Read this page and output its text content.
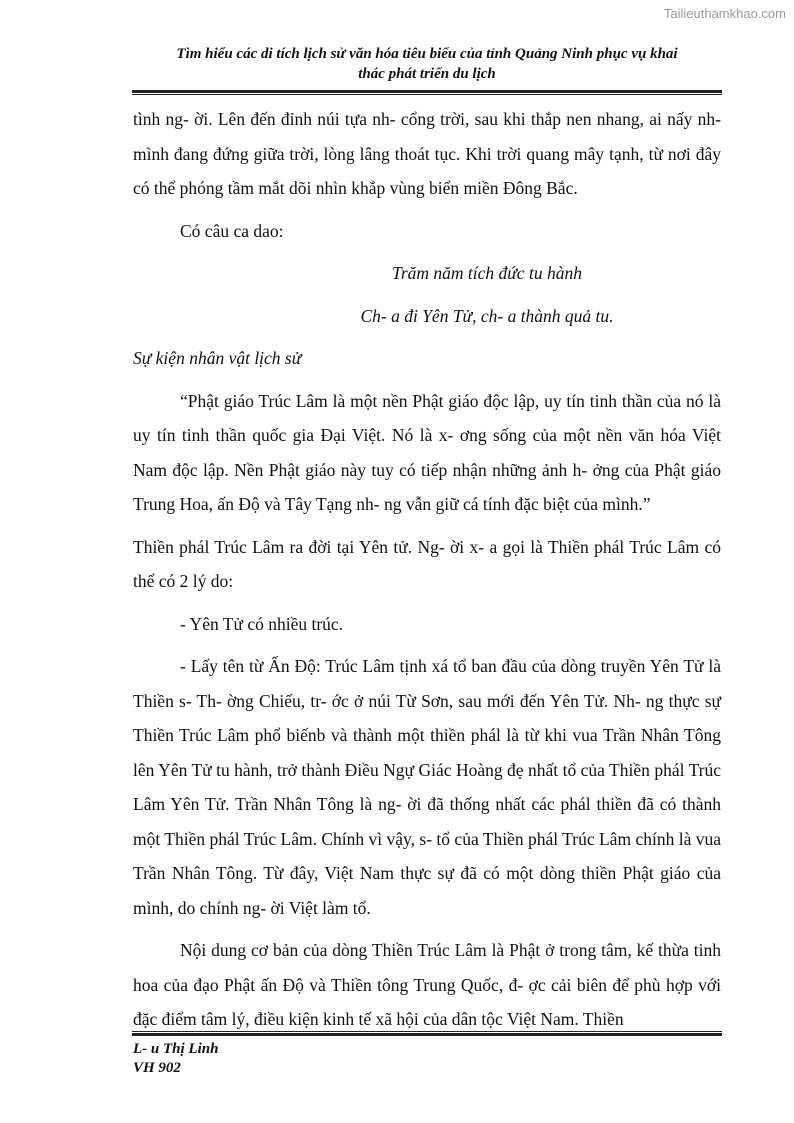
Tailieuthamkhao.com
Tìm hiểu các di tích lịch sử văn hóa tiêu biểu của tỉnh Quảng Ninh phục vụ khai
thác phát triển du lịch

tình ng- ời. Lên đến đỉnh núi tựa nh- cổng trời, sau khi thắp nen nhang, ai nấy nh- mình đang đứng giữa trời, lòng lâng thoát tục. Khi trời quang mây tạnh, từ nơi đây có thể phóng tầm mắt dõi nhìn khắp vùng biển miền Đông Bắc.

Có câu ca dao:

Trăm năm tích đức tu hành

Ch- a đi Yên Tử, ch- a thành quả tu.

Sự kiện nhân vật lịch sử

“Phật giáo Trúc Lâm là một nền Phật giáo độc lập, uy tín tinh thần của nó là uy tín tinh thần quốc gia Đại Việt. Nó là x- ơng sống của một nền văn hóa Việt Nam độc lập. Nền Phật giáo này tuy có tiếp nhận những ảnh h- ởng của Phật giáo Trung Hoa, ấn Độ và Tây Tạng nh- ng vẫn giữ cá tính đặc biệt của mình.”

Thiền phál Trúc Lâm ra đời tại Yên tử. Ng- ời x- a gọi là Thiền phál Trúc Lâm có thể có 2 lý do:

- Yên Tử có nhiều trúc.

- Lấy tên từ Ấn Độ: Trúc Lâm tịnh xá tổ ban đầu của dòng truyền Yên Tử là Thiền s- Th- ờng Chiếu, tr- ớc ở núi Từ Sơn, sau mới đến Yên Tử. Nh- ng thực sự Thiền Trúc Lâm phổ biếnb và thành một thiền phál là từ khi vua Trần Nhân Tông lên Yên Tử tu hành, trở thành Điều Ngự Giác Hoàng đẹ nhất tổ của Thiền phál Trúc Lâm Yên Tử. Trần Nhân Tông là ng- ời đã thống nhất các phál thiền đã có thành một Thiền phál Trúc Lâm. Chính vì vậy, s- tổ của Thiền phál Trúc Lâm chính là vua Trần Nhân Tông. Từ đây, Việt Nam thực sự đã có một dòng thiền Phật giáo của mình, do chính ng- ời Việt làm tổ.

Nội dung cơ bản của dòng Thiền Trúc Lâm là Phật ở trong tâm, kế thừa tinh hoa của đạo Phật ấn Độ và Thiền tông Trung Quốc, đ- ợc cải biên để phù hợp với đặc điểm tâm lý, điều kiện kinh tế xã hội của dân tộc Việt Nam. Thiền

L- u Thị Linh
VH 902
